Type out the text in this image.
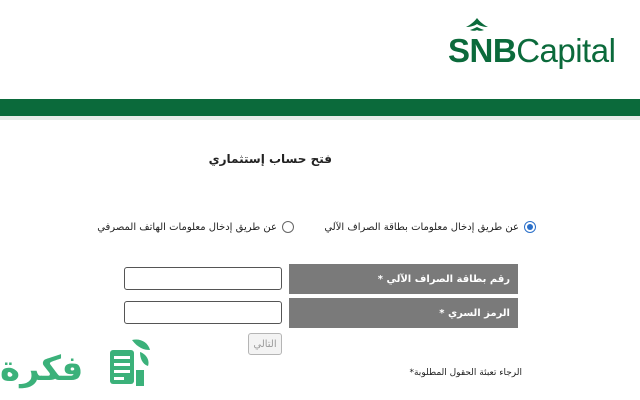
SNBCapital
فتح حساب إستثماري
عن طريق إدخال معلومات بطاقة الصراف الآلي
عن طريق إدخال معلومات الهاتف المصرفي
رقم بطاقة الصراف الآلي *
الرمز السري *
التالي
الرجاء تعبئة الحقول المطلوبة*
فكرة
